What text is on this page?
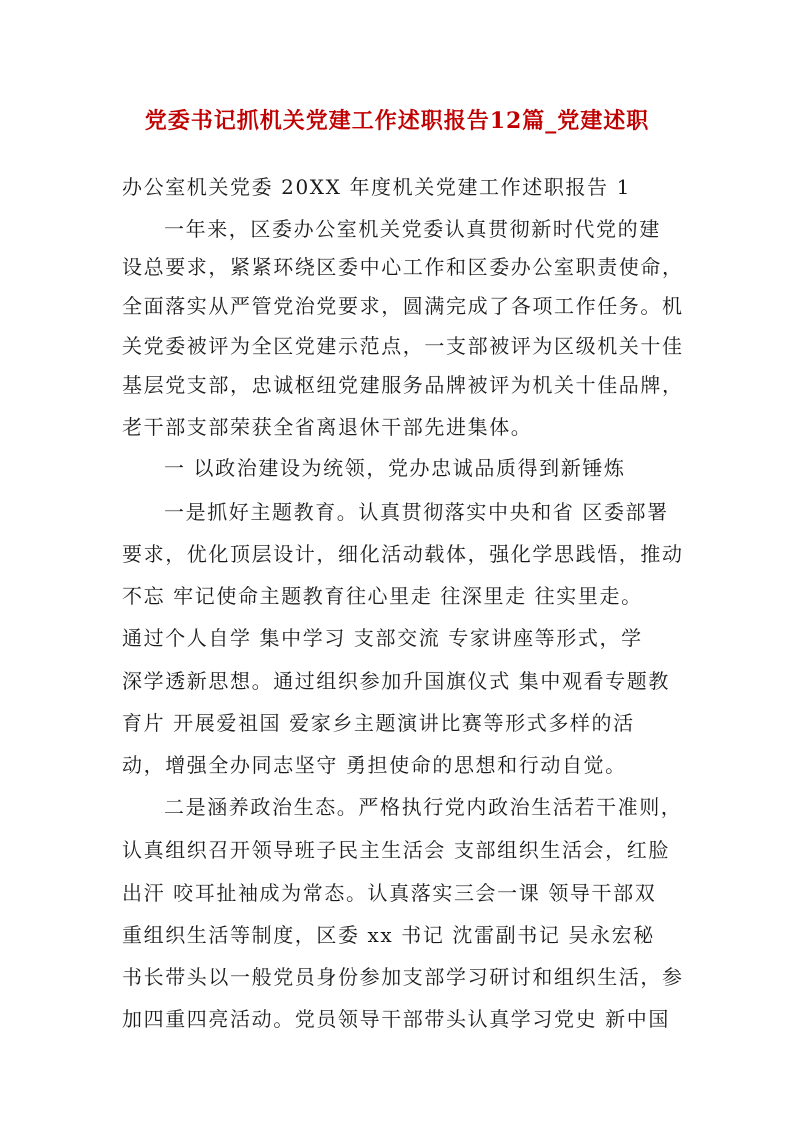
党委书记抓机关党建工作述职报告12篇_党建述职
办公室机关党委 20XX 年度机关党建工作述职报告 1
一年来，区委办公室机关党委认真贯彻新时代党的建
设总要求，紧紧环绕区委中心工作和区委办公室职责使命，
全面落实从严管党治党要求，圆满完成了各项工作任务。机
关党委被评为全区党建示范点，一支部被评为区级机关十佳
基层党支部，忠诚枢纽党建服务品牌被评为机关十佳品牌，
老干部支部荣获全省离退休干部先进集体。
一 以政治建设为统领，党办忠诚品质得到新锤炼
一是抓好主题教育。认真贯彻落实中央和省 区委部署
要求，优化顶层设计，细化活动载体，强化学思践悟，推动
不忘 牢记使命主题教育往心里走 往深里走 往实里走。
通过个人自学 集中学习 支部交流 专家讲座等形式，学
深学透新思想。通过组织参加升国旗仪式 集中观看专题教
育片 开展爱祖国 爱家乡主题演讲比赛等形式多样的活
动，增强全办同志坚守 勇担使命的思想和行动自觉。
二是涵养政治生态。严格执行党内政治生活若干准则，
认真组织召开领导班子民主生活会 支部组织生活会，红脸
出汗 咬耳扯袖成为常态。认真落实三会一课 领导干部双
重组织生活等制度，区委 xx 书记 沈雷副书记 吴永宏秘
书长带头以一般党员身份参加支部学习研讨和组织生活，参
加四重四亮活动。党员领导干部带头认真学习党史 新中国
